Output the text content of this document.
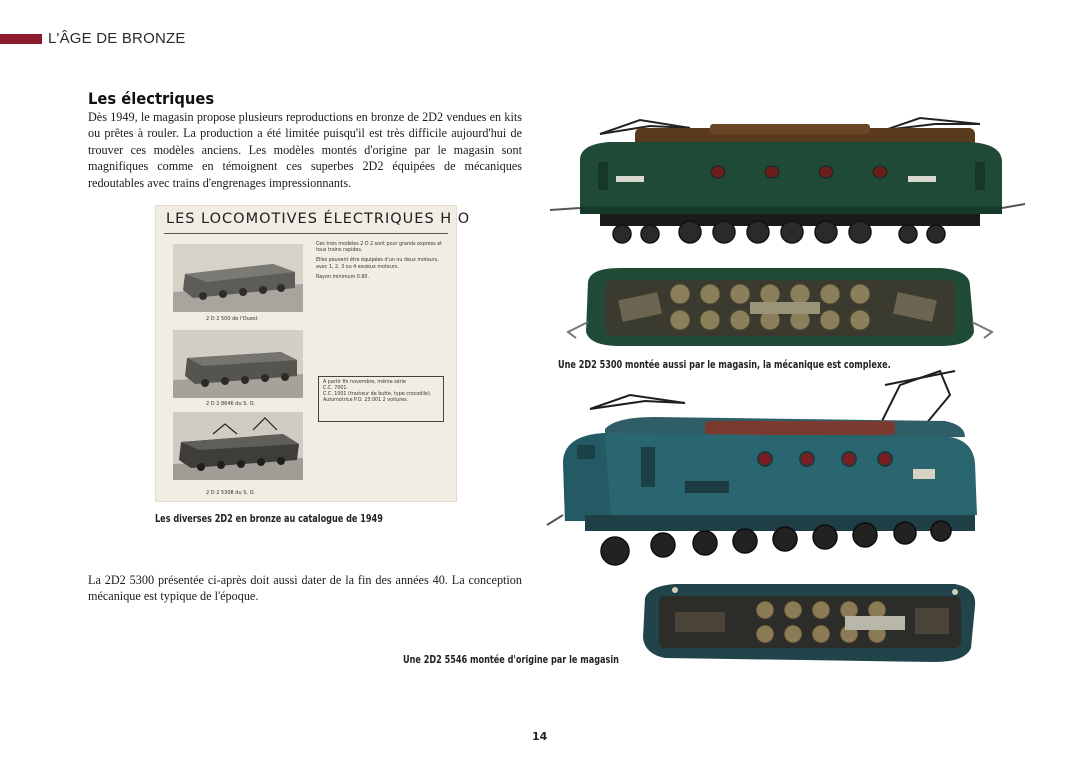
L'ÂGE DE BRONZE
Les électriques
Dès 1949, le magasin propose plusieurs reproductions en bronze de 2D2 vendues en kits ou prêtes à rouler. La production a été limitée puisqu'il est très difficile aujourd'hui de trouver ces modèles anciens. Les modèles montés d'origine par le magasin sont magnifiques comme en témoignent ces superbes 2D2 équipées de mécaniques redoutables avec trains d'engrenages impressionnants.
LES LOCOMOTIVES ÉLECTRIQUES H O
2 D 2 500 de l'Ouest
2 D 2 8646 du S. O.
2 D 2 5308 du S. O.

Ces trois modèles 2 D 2 sont pour grands express et tous trains rapides.

Elles peuvent être équipées d'un ou deux moteurs, avec 1, 2, 3 ou 4 essieux moteurs.

Rayon minimum 0.90.

A partir fin novembre, même série
C.C. 7001.
C.C. 1001 (tracteur de butte, type crocodile).
Automotrice P.O. 23.001 2 voitures.
Les diverses 2D2 en bronze au catalogue de 1949
La 2D2 5300 présentée ci-après doit aussi dater de la fin des années 40. La conception mécanique est typique de l'époque.
Une 2D2 5300 montée aussi par le magasin, la mécanique est complexe.
Une 2D2 5546 montée d'origine par le magasin
14
